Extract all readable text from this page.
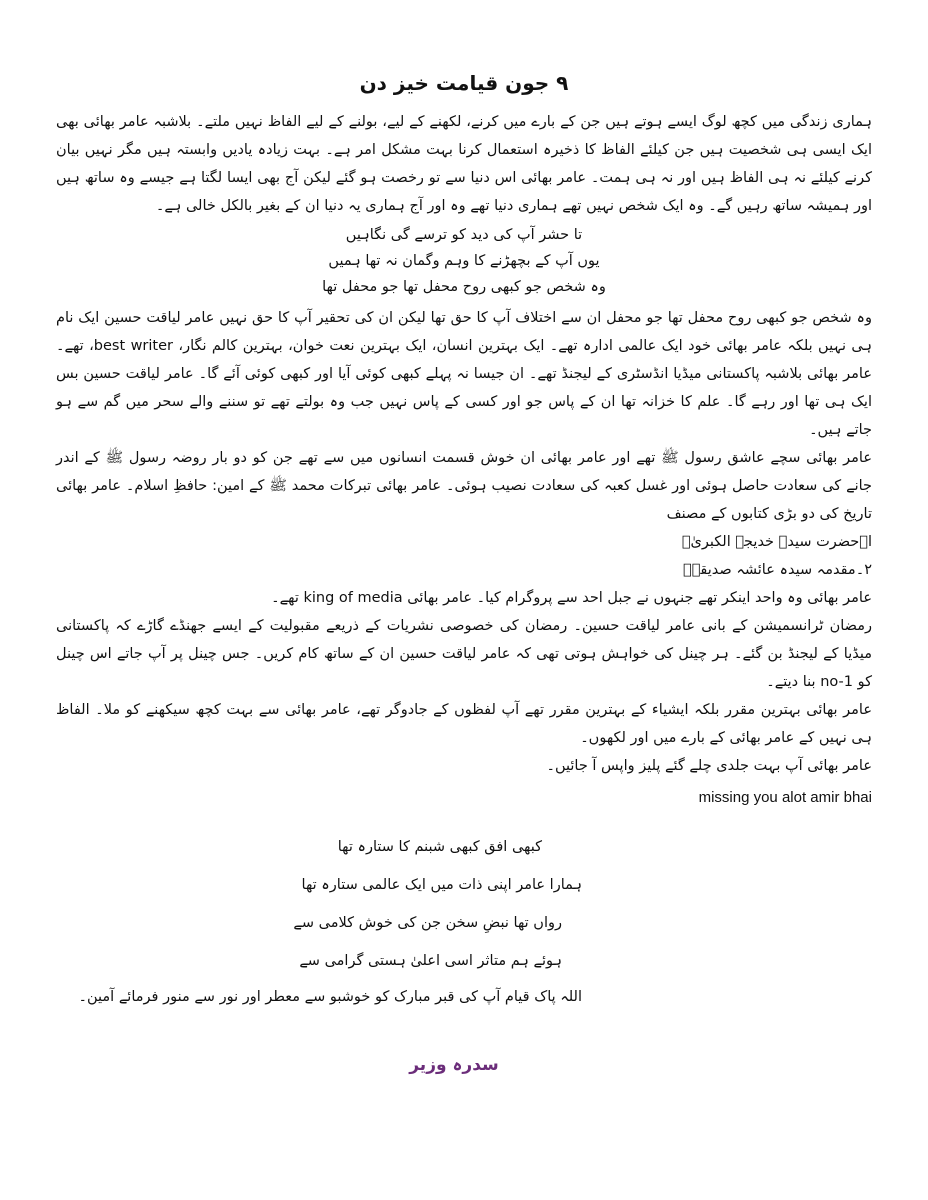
۹ جون قیامت خیز دن

ہماری زندگی میں کچھ لوگ ایسے ہوتے ہیں جن کے بارے میں کرنے، لکھنے کے لیے، بولنے کے لیے الفاظ نہیں ملتے۔ بلاشبہ عامر بھائی بھی ایک ایسی ہی شخصیت ہیں جن کیلئے الفاظ کا ذخیرہ استعمال کرنا بہت مشکل امر ہے۔ بہت زیادہ یادیں وابستہ ہیں مگر نہیں بیان کرنے کیلئے نہ ہی الفاظ ہیں اور نہ ہی ہمت۔ عامر بھائی اس دنیا سے تو رخصت ہو گئے لیکن آج بھی ایسا لگتا ہے جیسے وہ ساتھ ہیں اور ہمیشہ ساتھ رہیں گے۔ وہ ایک شخص نہیں تھے ہماری دنیا تھے وہ اور آج ہماری یہ دنیا ان کے بغیر بالکل خالی ہے۔

تا حشر آپ کی دید کو ترسے گی نگاہیں
یوں آپ کے بچھڑنے کا وہم وگمان نہ تھا ہمیں
وہ شخص جو کبھی روح محفل تھا جو محفل تھا

وہ شخص جو کبھی روح محفل تھا جو محفل ان سے اختلاف آپ کا حق تھا لیکن ان کی تحقیر آپ کا حق نہیں عامر لیاقت حسین ایک نام ہی نہیں بلکہ عامر بھائی خود ایک عالمی ادارہ تھے۔ ایک بہترین انسان، ایک بہترین نعت خوان، بہترین کالم نگار، best writer، تھے۔ عامر بھائی بلاشبہ پاکستانی میڈیا انڈسٹری کے لیجنڈ تھے۔ ان جیسا نہ پہلے کبھی کوئی آیا اور کبھی کوئی آئے گا۔ عامر لیاقت حسین بس ایک ہی تھا اور رہے گا۔ علم کا خزانہ تھا ان کے پاس جو اور کسی کے پاس نہیں جب وہ بولتے تھے تو سننے والے سحر میں گم سے ہو جاتے ہیں۔

عامر بھائی سچے عاشق رسول ﷺ تھے اور عامر بھائی ان خوش قسمت انسانوں میں سے تھے جن کو دو بار روضہ رسول ﷺ کے اندر جانے کی سعادت حاصل ہوئی اور غسل کعبہ کی سعادت نصیب ہوئی۔ عامر بھائی تبرکات محمد ﷺ کے امین: حافظِ اسلام۔ عامر بھائی تاریخ کی دو بڑی کتابوں کے مصنف

ا۔حضرت سیدہ خدیجۃ الکبریٰؓ

۲۔مقدمہ سیدہ عائشہ صدیقہؓ

عامر بھائی وہ واحد اینکر تھے جنہوں نے جبل احد سے پروگرام کیا۔ عامر بھائی king of media تھے۔

رمضان ٹرانسمیشن کے بانی عامر لیاقت حسین۔ رمضان کی خصوصی نشریات کے ذریعے مقبولیت کے ایسے جھنڈے گاڑے کہ پاکستانی میڈیا کے لیجنڈ بن گئے۔ ہر چینل کی خواہش ہوتی تھی کہ عامر لیاقت حسین ان کے ساتھ کام کریں۔ جس چینل پر آپ جاتے اس چینل کو no-1 بنا دیتے۔

عامر بھائی بہترین مقرر بلکہ ایشیاء کے بہترین مقرر تھے آپ لفظوں کے جادوگر تھے، عامر بھائی سے بہت کچھ سیکھنے کو ملا۔ الفاظ ہی نہیں کے عامر بھائی کے بارے میں اور لکھوں۔

عامر بھائی آپ بہت جلدی چلے گئے پلیز واپس آ جائیں۔

missing you alot amir bhai

کبھی افق کبھی شبنم کا ستارہ تھا
ہمارا عامر اپنی ذات میں ایک عالمی ستارہ تھا
رواں تھا نبضِ سخن جن کی خوش کلامی سے
ہوئے ہم متاثر اسی اعلیٰ ہستی گرامی سے
اللہ پاک قیام آپ کی قبر مبارک کو خوشبو سے معطر اور نور سے منور فرمائے آمین۔
سدرہ وزیر
